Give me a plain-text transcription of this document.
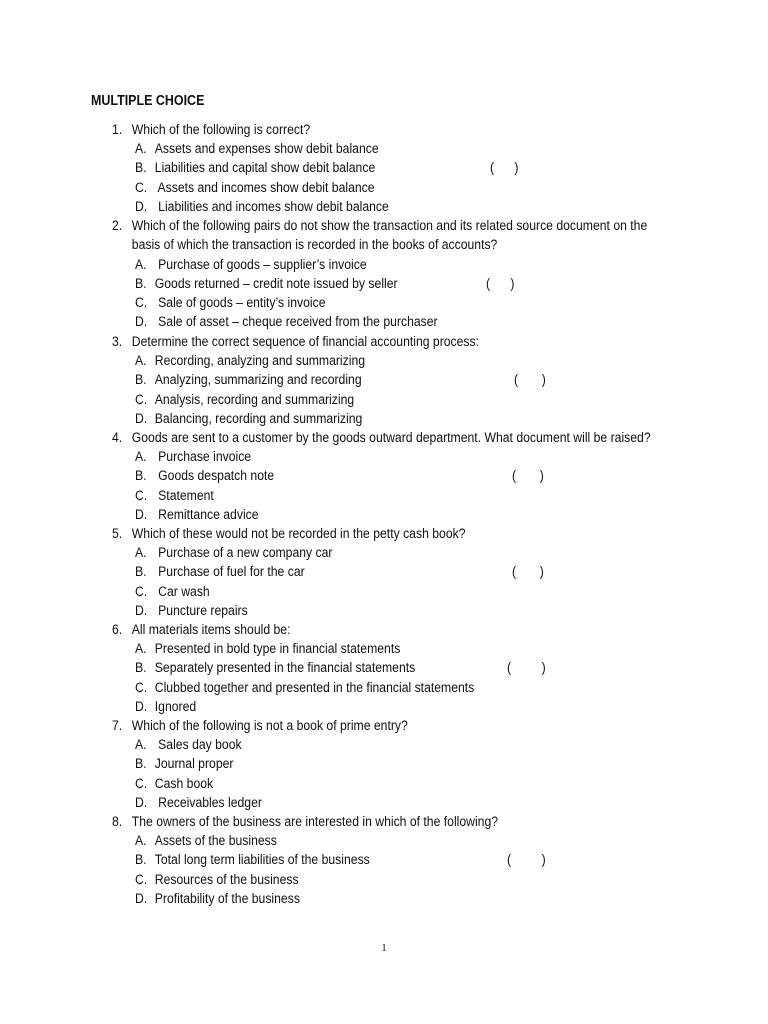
MULTIPLE CHOICE
1. Which of the following is correct?
A. Assets and expenses show debit balance
B. Liabilities and capital show debit balance	(      )
C. Assets and incomes show debit balance
D. Liabilities and incomes show debit balance
2. Which of the following pairs do not show the transaction and its related source document on the
basis of which the transaction is recorded in the books of accounts?
A. Purchase of goods – supplier’s invoice
B. Goods returned – credit note issued by seller	(      )
C. Sale of goods – entity’s invoice
D. Sale of asset – cheque received from the purchaser
3. Determine the correct sequence of financial accounting process:
A. Recording, analyzing and summarizing
B. Analyzing, summarizing and recording	(       )
C. Analysis, recording and summarizing
D. Balancing, recording and summarizing
4. Goods are sent to a customer by the goods outward department. What document will be raised?
A. Purchase invoice
B. Goods despatch note	(       )
C. Statement
D. Remittance advice
5. Which of these would not be recorded in the petty cash book?
A. Purchase of a new company car
B. Purchase of fuel for the car	(       )
C. Car wash
D. Puncture repairs
6. All materials items should be:
A. Presented in bold type in financial statements
B. Separately presented in the financial statements	(         )
C. Clubbed together and presented in the financial statements
D. Ignored
7. Which of the following is not a book of prime entry?
A. Sales day book
B. Journal proper
C. Cash book
D. Receivables ledger
8. The owners of the business are interested in which of the following?
A. Assets of the business
B. Total long term liabilities of the business	(         )
C. Resources of the business
D. Profitability of the business
1
